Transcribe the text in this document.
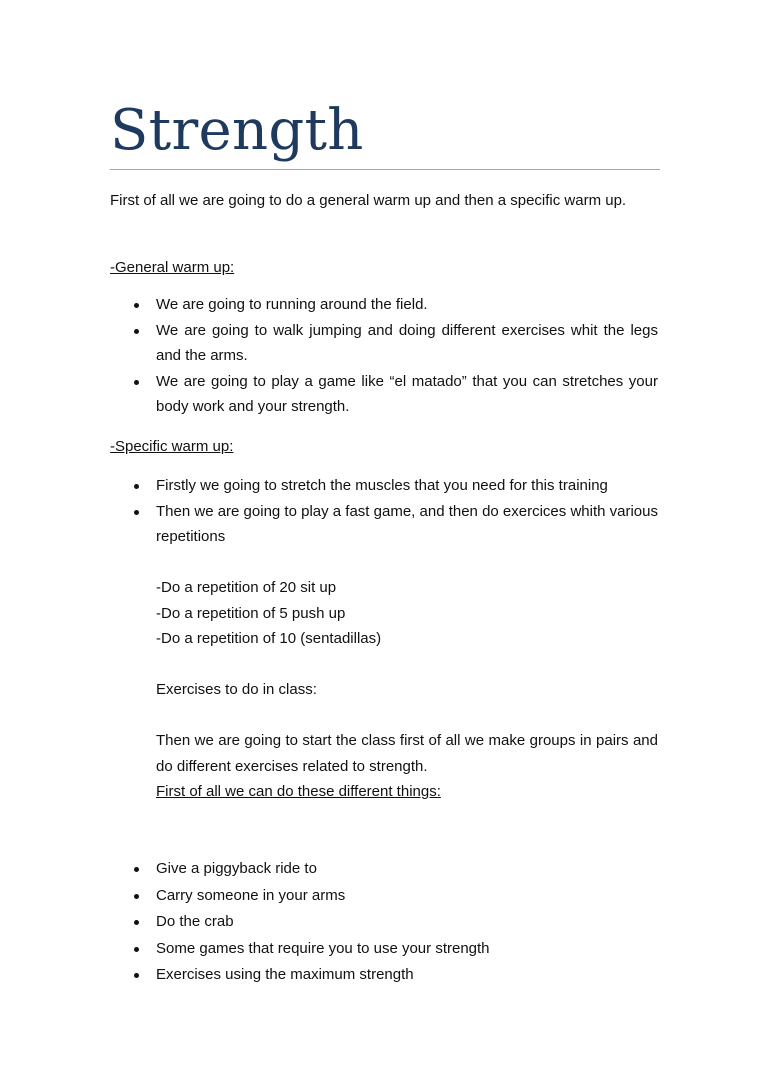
Strength

First of all we are going to do a general warm up and then a specific warm up.

-General warm up:

We are going to running around the field.
We are going to walk jumping and doing different exercises whit the legs and the arms.
We are going to play a game like “el matado” that you can stretches your body work and your strength.

-Specific warm up:

Firstly we going to stretch the muscles that you need for this training
Then we are going to play a fast game, and then do exercices whith various repetitions
-Do a repetition of 20 sit up
-Do a repetition of 5 push up
-Do a repetition of 10 (sentadillas)

Exercises to do in class:

Then we are going to start the class first of all we make groups in pairs and do different exercises related to strength.

First of all we can do these different things:

Give a piggyback ride to
Carry someone in your arms
Do the crab
Some games that require you to use your strength
Exercises using the maximum strength
